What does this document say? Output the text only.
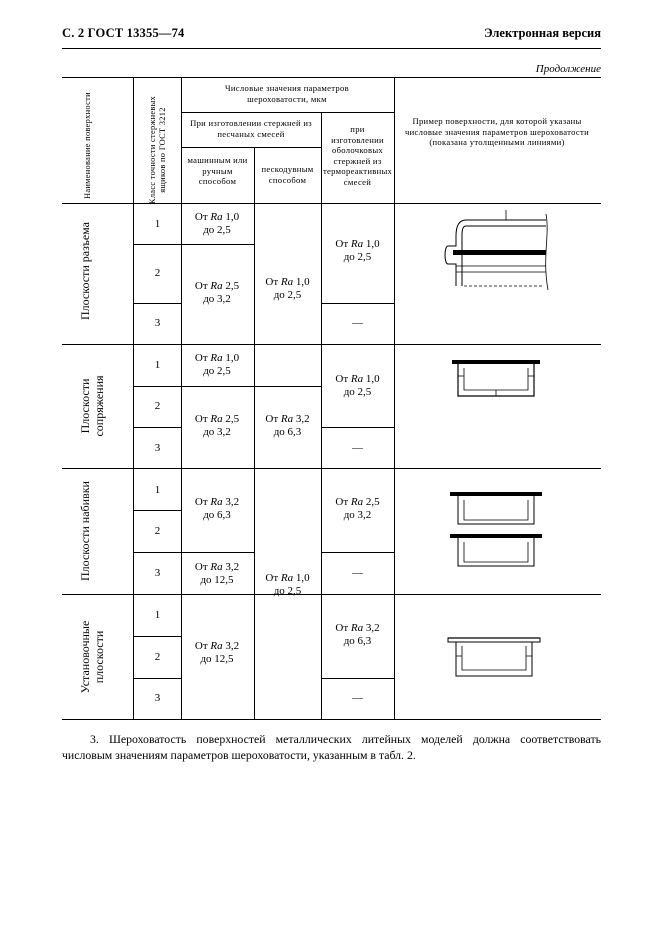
С. 2 ГОСТ 13355—74	Электронная версия
Продолжение
Наименование поверхности	Класс точности стержневых ящиков по ГОСТ 3212
Числовые значения параметров шероховатости, мкм
При изготовлении стержней из песчаных смесей
машинным или ручным способом
пескодувным способом
при изготовлении оболочковых стержней из термореактивных смесей
Пример поверхности, для которой указаны числовые значения параметров шероховатости (показана утолщенными линиями)
Плоскости разъема
Плоскости сопряжения
Плоскости набивки
Установочные плоскости
1
2
3
1
2
3
1
2
3
1
2
3
От Ra 1,0
до 2,5
От Ra 2,5
до 3,2
От Ra 1,0
до 2,5
От Ra 2,5
до 3,2
От Ra 3,2
до 6,3
От Ra 3,2
до 12,5
От Ra 3,2
до 12,5
От Ra 1,0
до 2,5
От Ra 3,2
до 6,3
От Ra 1,0
до 2,5
От Ra 1,0
до 2,5
—
От Ra 1,0
до 2,5
—
От Ra 2,5
до 3,2
—
От Ra 3,2
до 6,3
—
3. Шероховатость поверхностей металлических литейных моделей должна соответствовать числовым значениям параметров шероховатости, указанным в табл. 2.
